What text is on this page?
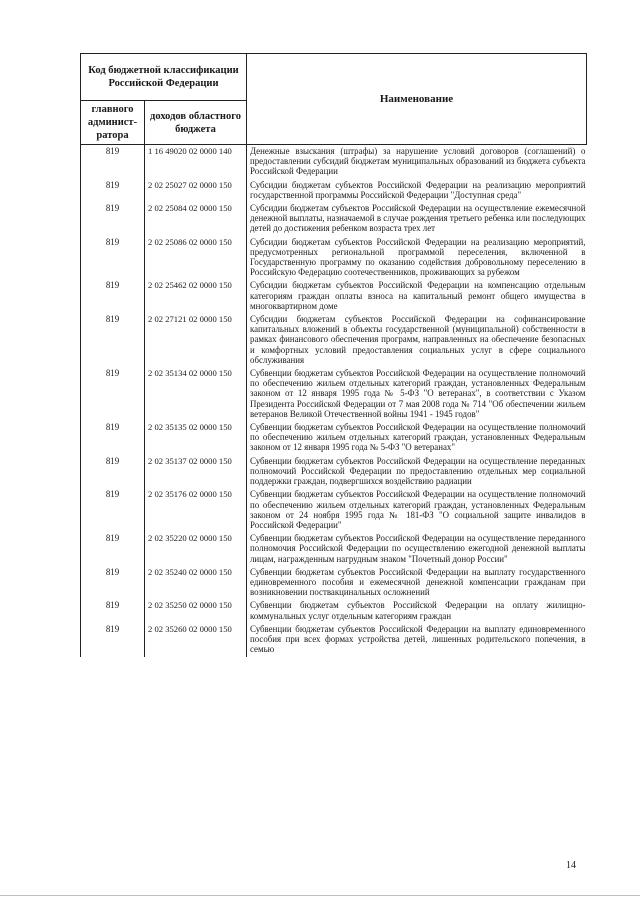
Код бюджетной классификации Российской Федерации		Наименование
главного админист-ратора	доходов областного бюджета	
819	1 16 49020 02 0000 140	Денежные взыскания (штрафы) за нарушение условий договоров (соглашений) о предоставлении субсидий бюджетам муниципальных образований из бюджета субъекта Российской Федерации
819	2 02 25027 02 0000 150	Субсидии бюджетам субъектов Российской Федерации на реализацию мероприятий государственной программы Российской Федерации "Доступная среда"
819	2 02 25084 02 0000 150	Субсидии бюджетам субъектов Российской Федерации на осуществление ежемесячной денежной выплаты, назначаемой в случае рождения третьего ребенка или последующих детей до достижения ребенком возраста трех лет
819	2 02 25086 02 0000 150	Субсидии бюджетам субъектов Российской Федерации на реализацию мероприятий, предусмотренных региональной программой переселения, включенной в Государственную программу по оказанию содействия добровольному переселению в Российскую Федерацию соотечественников, проживающих за рубежом
819	2 02 25462 02 0000 150	Субсидии бюджетам субъектов Российской Федерации на компенсацию отдельным категориям граждан оплаты взноса на капитальный ремонт общего имущества в многоквартирном доме
819	2 02 27121 02 0000 150	Субсидии бюджетам субъектов Российской Федерации на софинансирование капитальных вложений в объекты государственной (муниципальной) собственности в рамках финансового обеспечения программ, направленных на обеспечение безопасных и комфортных условий предоставления социальных услуг в сфере социального обслуживания
819	2 02 35134 02 0000 150	Субвенции бюджетам субъектов Российской Федерации на осуществление полномочий по обеспечению жильем отдельных категорий граждан, установленных Федеральным законом от 12 января 1995 года № 5-ФЗ "О ветеранах", в соответствии с Указом Президента Российской Федерации от 7 мая 2008 года № 714 "Об обеспечении жильем ветеранов Великой Отечественной войны 1941 - 1945 годов"
819	2 02 35135 02 0000 150	Субвенции бюджетам субъектов Российской Федерации на осуществление полномочий по обеспечению жильем отдельных категорий граждан, установленных Федеральным законом от 12 января 1995 года № 5-ФЗ "О ветеранах"
819	2 02 35137 02 0000 150	Субвенции бюджетам субъектов Российской Федерации на осуществление переданных полномочий Российской Федерации по предоставлению отдельных мер социальной поддержки граждан, подвергшихся воздействию радиации
819	2 02 35176 02 0000 150	Субвенции бюджетам субъектов Российской Федерации на осуществление полномочий по обеспечению жильем отдельных категорий граждан, установленных Федеральным законом от 24 ноября 1995 года № 181-ФЗ "О социальной защите инвалидов в Российской Федерации"
819	2 02 35220 02 0000 150	Субвенции бюджетам субъектов Российской Федерации на осуществление переданного полномочия Российской Федерации по осуществлению ежегодной денежной выплаты лицам, награжденным нагрудным знаком "Почетный донор России"
819	2 02 35240 02 0000 150	Субвенции бюджетам субъектов Российской Федерации на выплату государственного единовременного пособия и ежемесячной денежной компенсации гражданам при возникновении поствакцинальных осложнений
819	2 02 35250 02 0000 150	Субвенции бюджетам субъектов Российской Федерации на оплату жилищно-коммунальных услуг отдельным категориям граждан
819	2 02 35260 02 0000 150	Субвенции бюджетам субъектов Российской Федерации на выплату единовременного пособия при всех формах устройства детей, лишенных родительского попечения, в семью
14
